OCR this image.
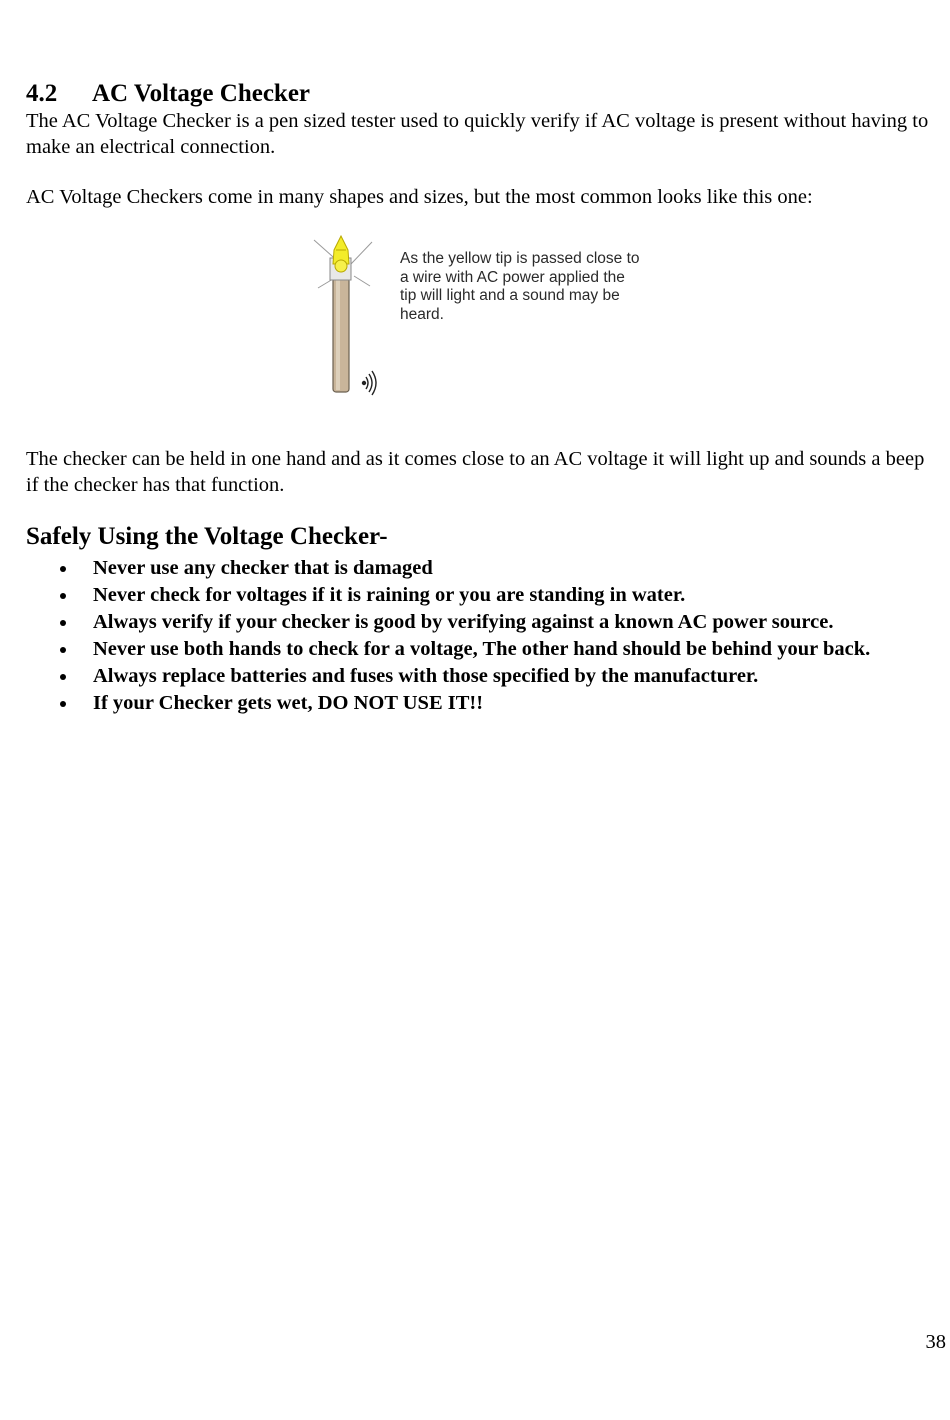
4.2 AC Voltage Checker
The AC Voltage Checker is a pen sized tester used to quickly verify if AC voltage is present without having to make an electrical connection.
AC Voltage Checkers come in many shapes and sizes, but the most common looks like this one:
As the yellow tip is passed close to
a wire with AC power applied the
tip will light and a sound may be
heard.
The checker can be held in one hand and as it comes close to an AC voltage it will light up and sounds a beep if the checker has that function.
Safely Using the Voltage Checker-
Never use any checker that is damaged
Never check for voltages if it is raining or you are standing in water.
Always verify if your checker is good by verifying against a known AC power source.
Never use both hands to check for a voltage, The other hand should be behind your back.
Always replace batteries and fuses with those specified by the manufacturer.
If your Checker gets wet, DO NOT USE IT!!
38
